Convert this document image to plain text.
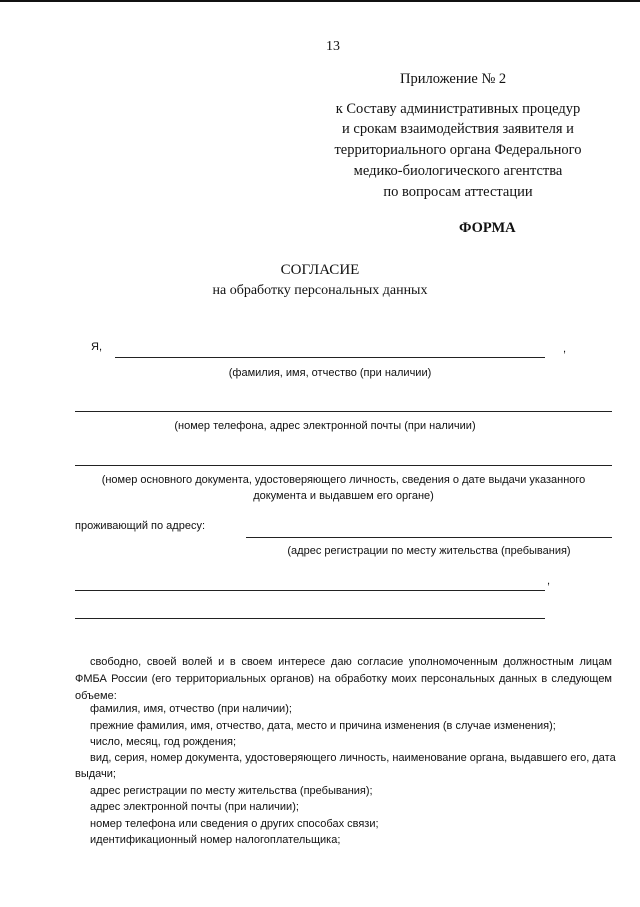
13
Приложение № 2
к Составу административных процедур
и срокам взаимодействия заявителя и
территориального органа Федерального
медико-биологического агентства
по вопросам аттестации
ФОРМА
СОГЛАСИЕ
на обработку персональных данных
Я,	,
(фамилия, имя, отчество (при наличии)
(номер телефона, адрес электронной почты (при наличии)
(номер основного документа, удостоверяющего личность, сведения о дате выдачи указанного
документа и выдавшем его органе)
проживающий по адресу:
(адрес регистрации по месту жительства (пребывания)
,
свободно, своей волей и в своем интересе даю согласие уполномоченным должностным лицам
ФМБА России (его территориальных органов) на обработку моих персональных данных в следующем
объеме:
фамилия, имя, отчество (при наличии);
прежние фамилия, имя, отчество, дата, место и причина изменения (в случае изменения);
число, месяц, год рождения;
вид, серия, номер документа, удостоверяющего личность, наименование органа, выдавшего его, дата
выдачи;
адрес регистрации по месту жительства (пребывания);
адрес электронной почты (при наличии);
номер телефона или сведения о других способах связи;
идентификационный номер налогоплательщика;
